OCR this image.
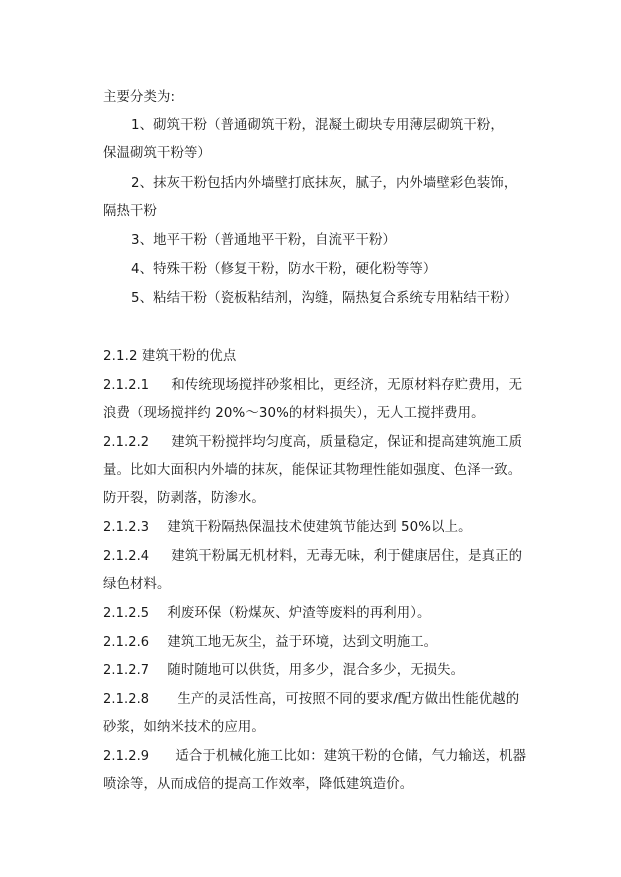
主要分类为:
1、砌筑干粉（普通砌筑干粉，混凝土砌块专用薄层砌筑干粉，
保温砌筑干粉等）
2、抹灰干粉包括内外墙壁打底抹灰，腻子，内外墙壁彩色装饰，
隔热干粉
3、地平干粉（普通地平干粉，自流平干粉）
4、特殊干粉（修复干粉，防水干粉，硬化粉等等）
5、粘结干粉（瓷板粘结剂，沟缝，隔热复合系统专用粘结干粉）
2.1.2 建筑干粉的优点
2.1.2.1 和传统现场搅拌砂浆相比，更经济，无原材料存贮费用，无
浪费（现场搅拌约 20%～30%的材料损失），无人工搅拌费用。
2.1.2.2 建筑干粉搅拌均匀度高，质量稳定，保证和提高建筑施工质
量。比如大面积内外墙的抹灰，能保证其物理性能如强度、色泽一致。
防开裂，防剥落，防渗水。
2.1.2.3 建筑干粉隔热保温技术使建筑节能达到 50%以上。
2.1.2.4 建筑干粉属无机材料，无毒无味，利于健康居住，是真正的
绿色材料。
2.1.2.5 利废环保（粉煤灰、炉渣等废料的再利用）。
2.1.2.6 建筑工地无灰尘，益于环境，达到文明施工。
2.1.2.7 随时随地可以供货，用多少，混合多少，无损失。
2.1.2.8 生产的灵活性高，可按照不同的要求/配方做出性能优越的
砂浆，如纳米技术的应用。
2.1.2.9 适合于机械化施工比如：建筑干粉的仓储，气力输送，机器
喷涂等，从而成倍的提高工作效率，降低建筑造价。
